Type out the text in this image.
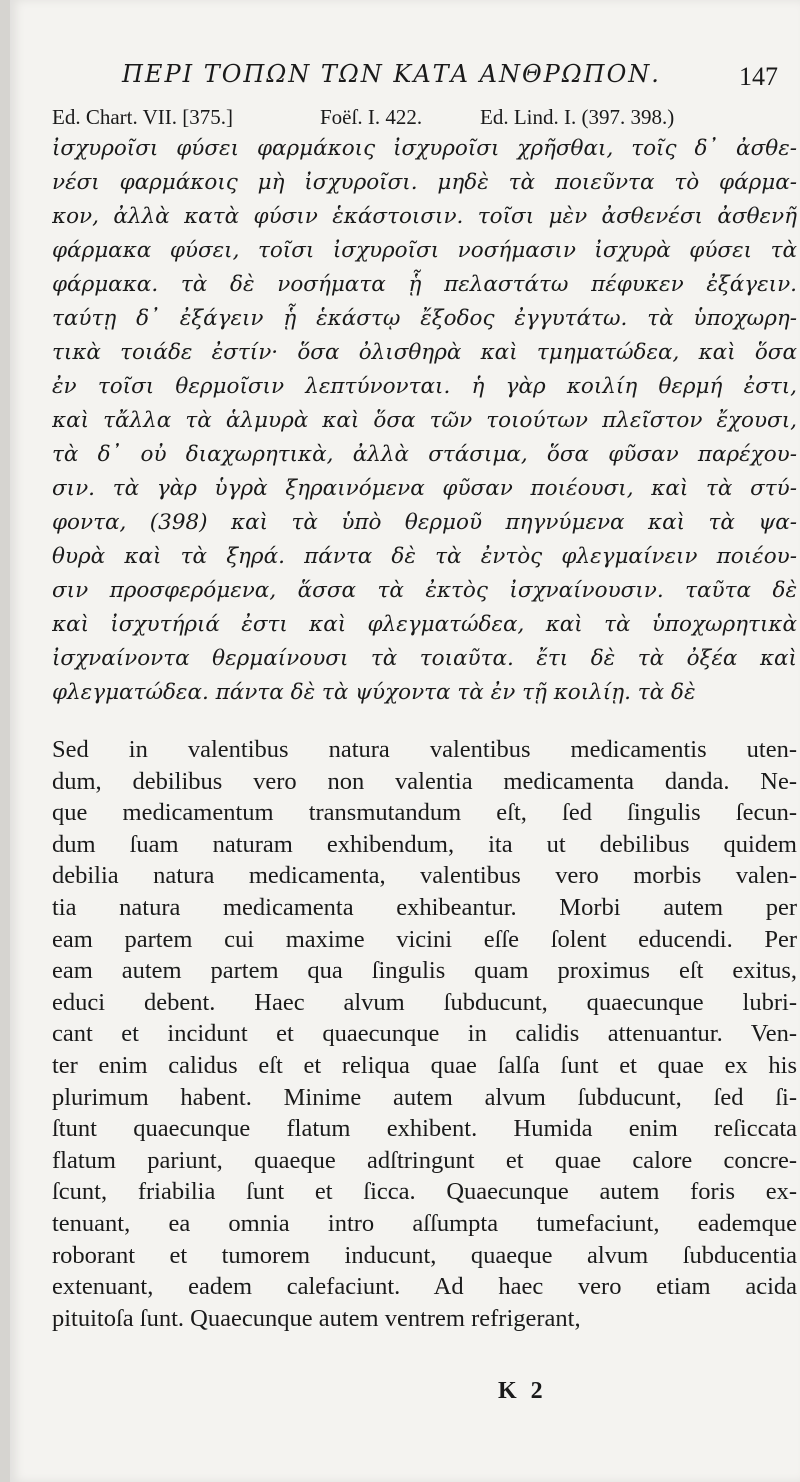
ΠΕΡΙ ΤΟΠΩΝ ΤΩΝ ΚΑΤΑ ΑΝΘΡΩΠΟΝ.	147
Ed. Chart. VII. [375.]	Foëſ. I. 422.	Ed. Lind. I. (397. 398.)
ἰσχυροῖσι φύσει φαρμάκοις ἰσχυροῖσι χρῆσθαι, τοῖς δ᾽ ἀσθε-
νέσι φαρμάκοις μὴ ἰσχυροῖσι. μηδὲ τὰ ποιεῦντα τὸ φάρμα-
κον, ἀλλὰ κατὰ φύσιν ἑκάστοισιν. τοῖσι μὲν ἀσθενέσι ἀσθενῆ
φάρμακα φύσει, τοῖσι ἰσχυροῖσι νοσήμασιν ἰσχυρὰ φύσει τὰ
φάρμακα. τὰ δὲ νοσήματα ᾗ πελαστάτω πέφυκεν ἐξάγειν.
ταύτῃ δ᾽ ἐξάγειν ᾗ ἑκάστῳ ἔξοδος ἐγγυτάτω. τὰ ὑποχωρη-
τικὰ τοιάδε ἐστίν· ὅσα ὀλισθηρὰ καὶ τμηματώδεα, καὶ ὅσα
ἐν τοῖσι θερμοῖσιν λεπτύνονται. ἡ γὰρ κοιλίη θερμή ἐστι,
καὶ τἄλλα τὰ ἁλμυρὰ καὶ ὅσα τῶν τοιούτων πλεῖστον ἔχουσι,
τὰ δ᾽ οὐ διαχωρητικὰ, ἀλλὰ στάσιμα, ὅσα φῦσαν παρέχου-
σιν. τὰ γὰρ ὑγρὰ ξηραινόμενα φῦσαν ποιέουσι, καὶ τὰ στύ-
φοντα, (398) καὶ τὰ ὑπὸ θερμοῦ πηγνύμενα καὶ τὰ ψα-
θυρὰ καὶ τὰ ξηρά. πάντα δὲ τὰ ἐντὸς φλεγμαίνειν ποιέου-
σιν προσφερόμενα, ἅσσα τὰ ἐκτὸς ἰσχναίνουσιν. ταῦτα δὲ
καὶ ἰσχυτήριά ἐστι καὶ φλεγματώδεα, καὶ τὰ ὑποχωρητικὰ
ἰσχναίνοντα θερμαίνουσι τὰ τοιαῦτα. ἔτι δὲ τὰ ὀξέα καὶ
φλεγματώδεα. πάντα δὲ τὰ ψύχοντα τὰ ἐν τῇ κοιλίῃ. τὰ δὲ
Sed in valentibus natura valentibus medicamentis uten-
dum, debilibus vero non valentia medicamenta danda. Ne-
que medicamentum transmutandum eſt, ſed ſingulis ſecun-
dum ſuam naturam exhibendum, ita ut debilibus quidem
debilia natura medicamenta, valentibus vero morbis valen-
tia natura medicamenta exhibeantur. Morbi autem per
eam partem cui maxime vicini eſſe ſolent educendi. Per
eam autem partem qua ſingulis quam proximus eſt exitus,
educi debent. Haec alvum ſubducunt, quaecunque lubri-
cant et incidunt et quaecunque in calidis attenuantur. Ven-
ter enim calidus eſt et reliqua quae ſalſa ſunt et quae ex his
plurimum habent. Minime autem alvum ſubducunt, ſed ſi-
ſtunt quaecunque flatum exhibent. Humida enim reſiccata
flatum pariunt, quaeque adſtringunt et quae calore concre-
ſcunt, friabilia ſunt et ſicca. Quaecunque autem foris ex-
tenuant, ea omnia intro aſſumpta tumefaciunt, eademque
roborant et tumorem inducunt, quaeque alvum ſubducentia
extenuant, eadem calefaciunt. Ad haec vero etiam acida
pituitoſa ſunt. Quaecunque autem ventrem refrigerant,
K 2
